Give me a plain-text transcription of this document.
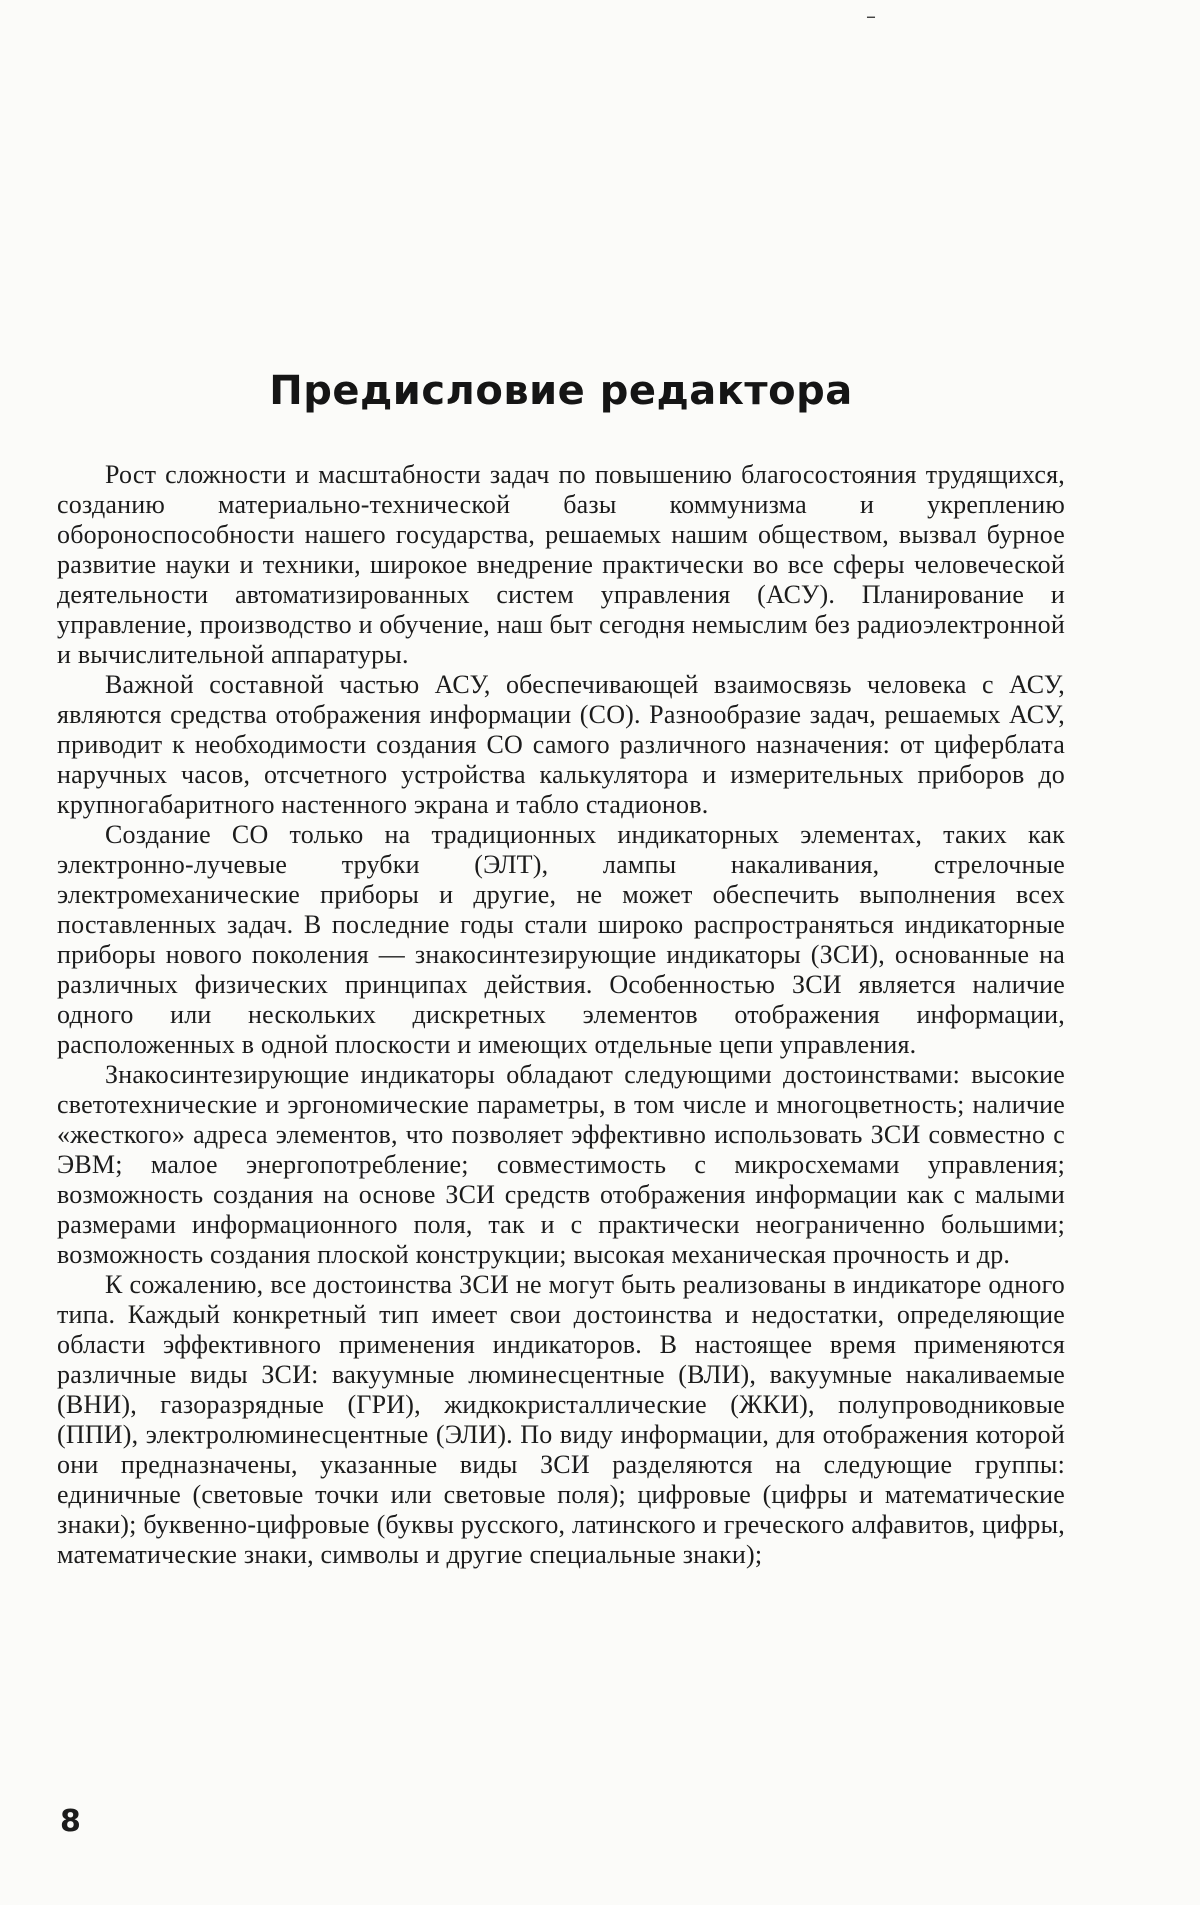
–
Предисловие редактора

Рост сложности и масштабности задач по повышению благосостояния трудящихся, созданию материально-технической базы коммунизма и укреплению обороноспособности нашего государства, решаемых нашим обществом, вызвал бурное развитие науки и техники, широкое внедрение практически во все сферы человеческой деятельности автоматизированных систем управления (АСУ). Планирование и управление, производство и обучение, наш быт сегодня немыслим без радиоэлектронной и вычислительной аппаратуры.

Важной составной частью АСУ, обеспечивающей взаимосвязь человека с АСУ, являются средства отображения информации (СО). Разнообразие задач, решаемых АСУ, приводит к необходимости создания СО самого различного назначения: от циферблата наручных часов, отсчетного устройства калькулятора и измерительных приборов до крупногабаритного настенного экрана и табло стадионов.

Создание СО только на традиционных индикаторных элементах, таких как электронно-лучевые трубки (ЭЛТ), лампы накаливания, стрелочные электромеханические приборы и другие, не может обеспечить выполнения всех поставленных задач. В последние годы стали широко распространяться индикаторные приборы нового поколения — знакосинтезирующие индикаторы (ЗСИ), основанные на различных физических принципах действия. Особенностью ЗСИ является наличие одного или нескольких дискретных элементов отображения информации, расположенных в одной плоскости и имеющих отдельные цепи управления.

Знакосинтезирующие индикаторы обладают следующими достоинствами: высокие светотехнические и эргономические параметры, в том числе и многоцветность; наличие «жесткого» адреса элементов, что позволяет эффективно использовать ЗСИ совместно с ЭВМ; малое энергопотребление; совместимость с микросхемами управления; возможность создания на основе ЗСИ средств отображения информации как с малыми размерами информационного поля, так и с практически неограниченно большими; возможность создания плоской конструкции; высокая механическая прочность и др.

К сожалению, все достоинства ЗСИ не могут быть реализованы в индикаторе одного типа. Каждый конкретный тип имеет свои достоинства и недостатки, определяющие области эффективного применения индикаторов. В настоящее время применяются различные виды ЗСИ: вакуумные люминесцентные (ВЛИ), вакуумные накаливаемые (ВНИ), газоразрядные (ГРИ), жидкокристаллические (ЖКИ), полупроводниковые (ППИ), электролюминесцентные (ЭЛИ). По виду информации, для отображения которой они предназначены, указанные виды ЗСИ разделяются на следующие группы: единичные (световые точки или световые поля); цифровые (цифры и математические знаки); буквенно-цифровые (буквы русского, латинского и греческого алфавитов, цифры, математические знаки, символы и другие специальные знаки);

8
